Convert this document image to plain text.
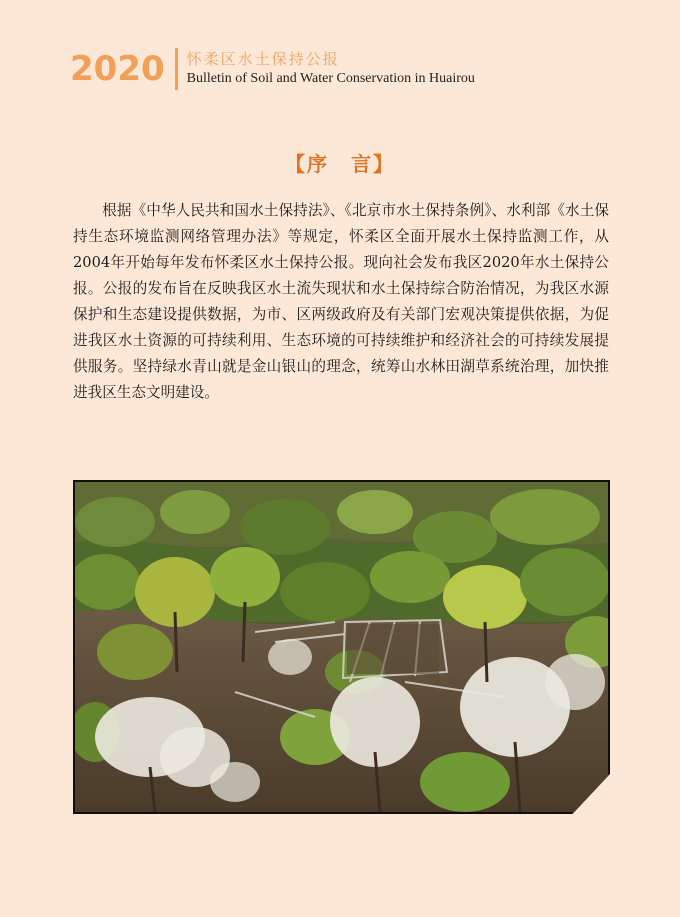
2020 怀柔区水土保持公报
Bulletin of Soil and Water Conservation in Huairou
【序 言】

根据《中华人民共和国水土保持法》、《北京市水土保持条例》、水利部《水土保持生态环境监测网络管理办法》等规定，怀柔区全面开展水土保持监测工作，从2004年开始每年发布怀柔区水土保持公报。现向社会发布我区2020年水土保持公报。公报的发布旨在反映我区水土流失现状和水土保持综合防治情况，为我区水源保护和生态建设提供数据，为市、区两级政府及有关部门宏观决策提供依据，为促进我区水土资源的可持续利用、生态环境的可持续维护和经济社会的可持续发展提供服务。坚持绿水青山就是金山银山的理念，统筹山水林田湖草系统治理，加快推进我区生态文明建设。
